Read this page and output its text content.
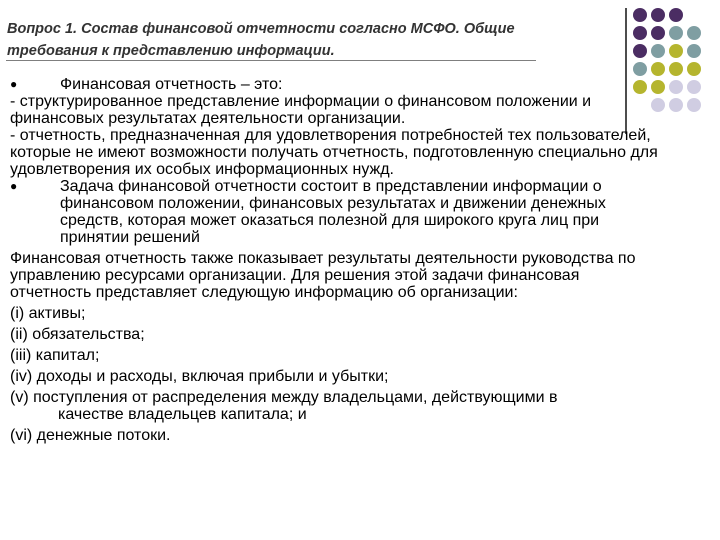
Вопрос 1. Состав финансовой отчетности согласно МСФО. Общие
требования к представлению информации.
●	Финансовая отчетность – это:
- структурированное представление информации о финансовом положении и финансовых результатах деятельности организации.
- отчетность, предназначенная для удовлетворения потребностей тех пользователей, которые не имеют возможности получать отчетность, подготовленную специально для удовлетворения их особых информационных нужд.
●	Задача финансовой отчетности состоит в представлении информации о финансовом положении, финансовых результатах и движении денежных средств, которая может оказаться полезной для широкого круга лиц при принятии решений
Финансовая отчетность также показывает результаты деятельности руководства по управлению ресурсами организации. Для решения этой задачи финансовая отчетность представляет следующую информацию об организации:
(i) активы;
(ii) обязательства;
(iii) капитал;
(iv) доходы и расходы, включая прибыли и убытки;
(v) поступления от распределения между владельцами, действующими в
качестве владельцев капитала; и
(vi) денежные потоки.
